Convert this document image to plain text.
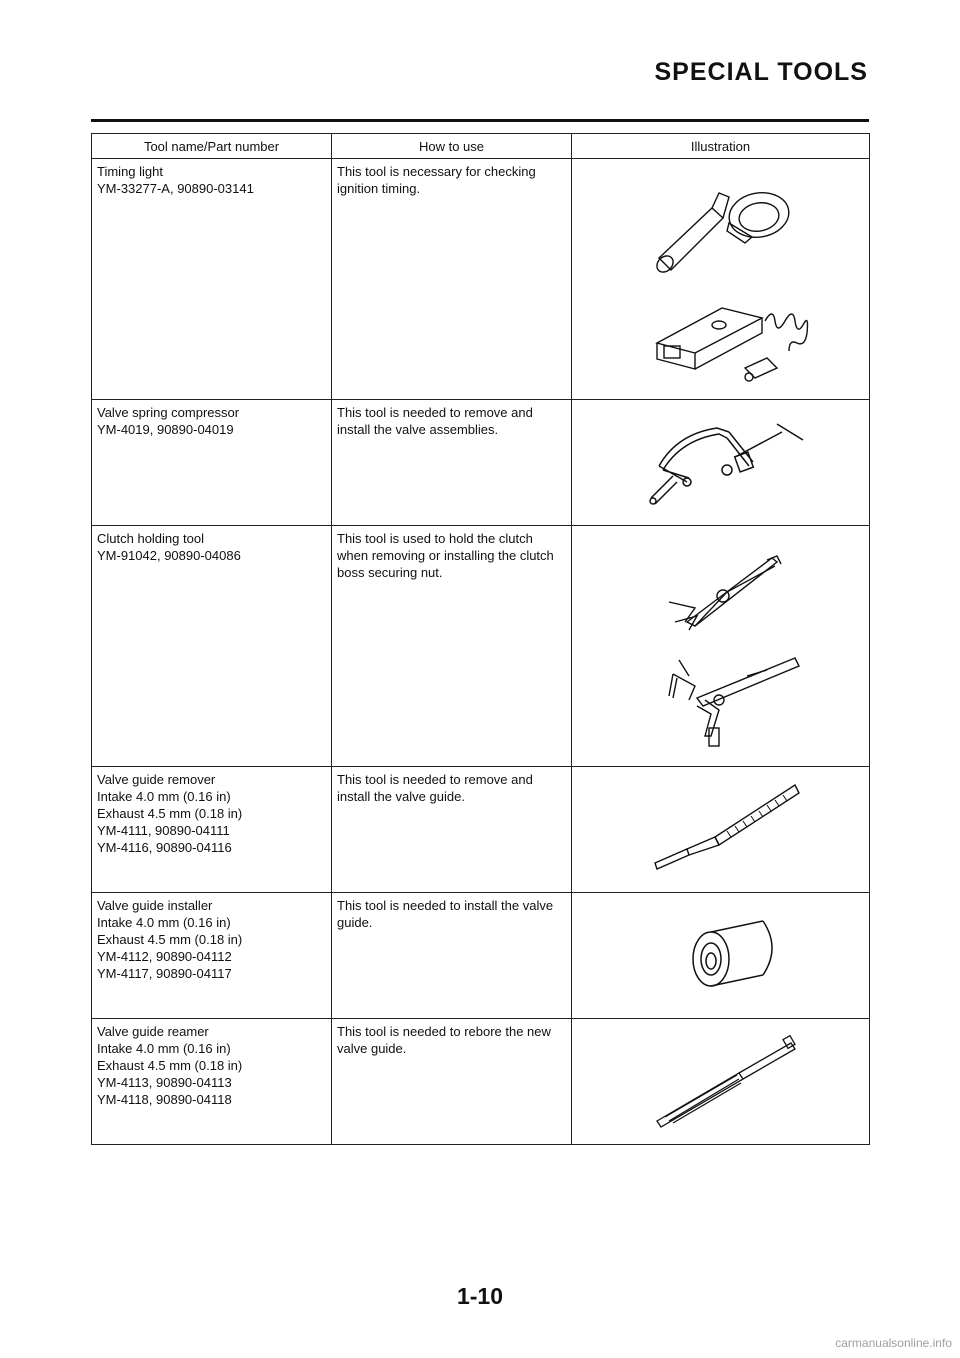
SPECIAL TOOLS
Tool name/Part number	How to use	Illustration

Timing light
YM-33277-A, 90890-03141	This tool is necessary for checking ignition timing.	

Valve spring compressor
YM-4019, 90890-04019	This tool is needed to remove and install the valve assemblies.	

Clutch holding tool
YM-91042, 90890-04086	This tool is used to hold the clutch when removing or installing the clutch boss securing nut.	

Valve guide remover
Intake 4.0 mm (0.16 in)
Exhaust 4.5 mm (0.18 in)
YM-4111, 90890-04111
YM-4116, 90890-04116	This tool is needed to remove and install the valve guide.	

Valve guide installer
Intake 4.0 mm (0.16 in)
Exhaust 4.5 mm (0.18 in)
YM-4112, 90890-04112
YM-4117, 90890-04117	This tool is needed to install the valve guide.	

Valve guide reamer
Intake 4.0 mm (0.16 in)
Exhaust 4.5 mm (0.18 in)
YM-4113, 90890-04113
YM-4118, 90890-04118	This tool is needed to rebore the new valve guide.	
1-10
carmanualsonline.info
